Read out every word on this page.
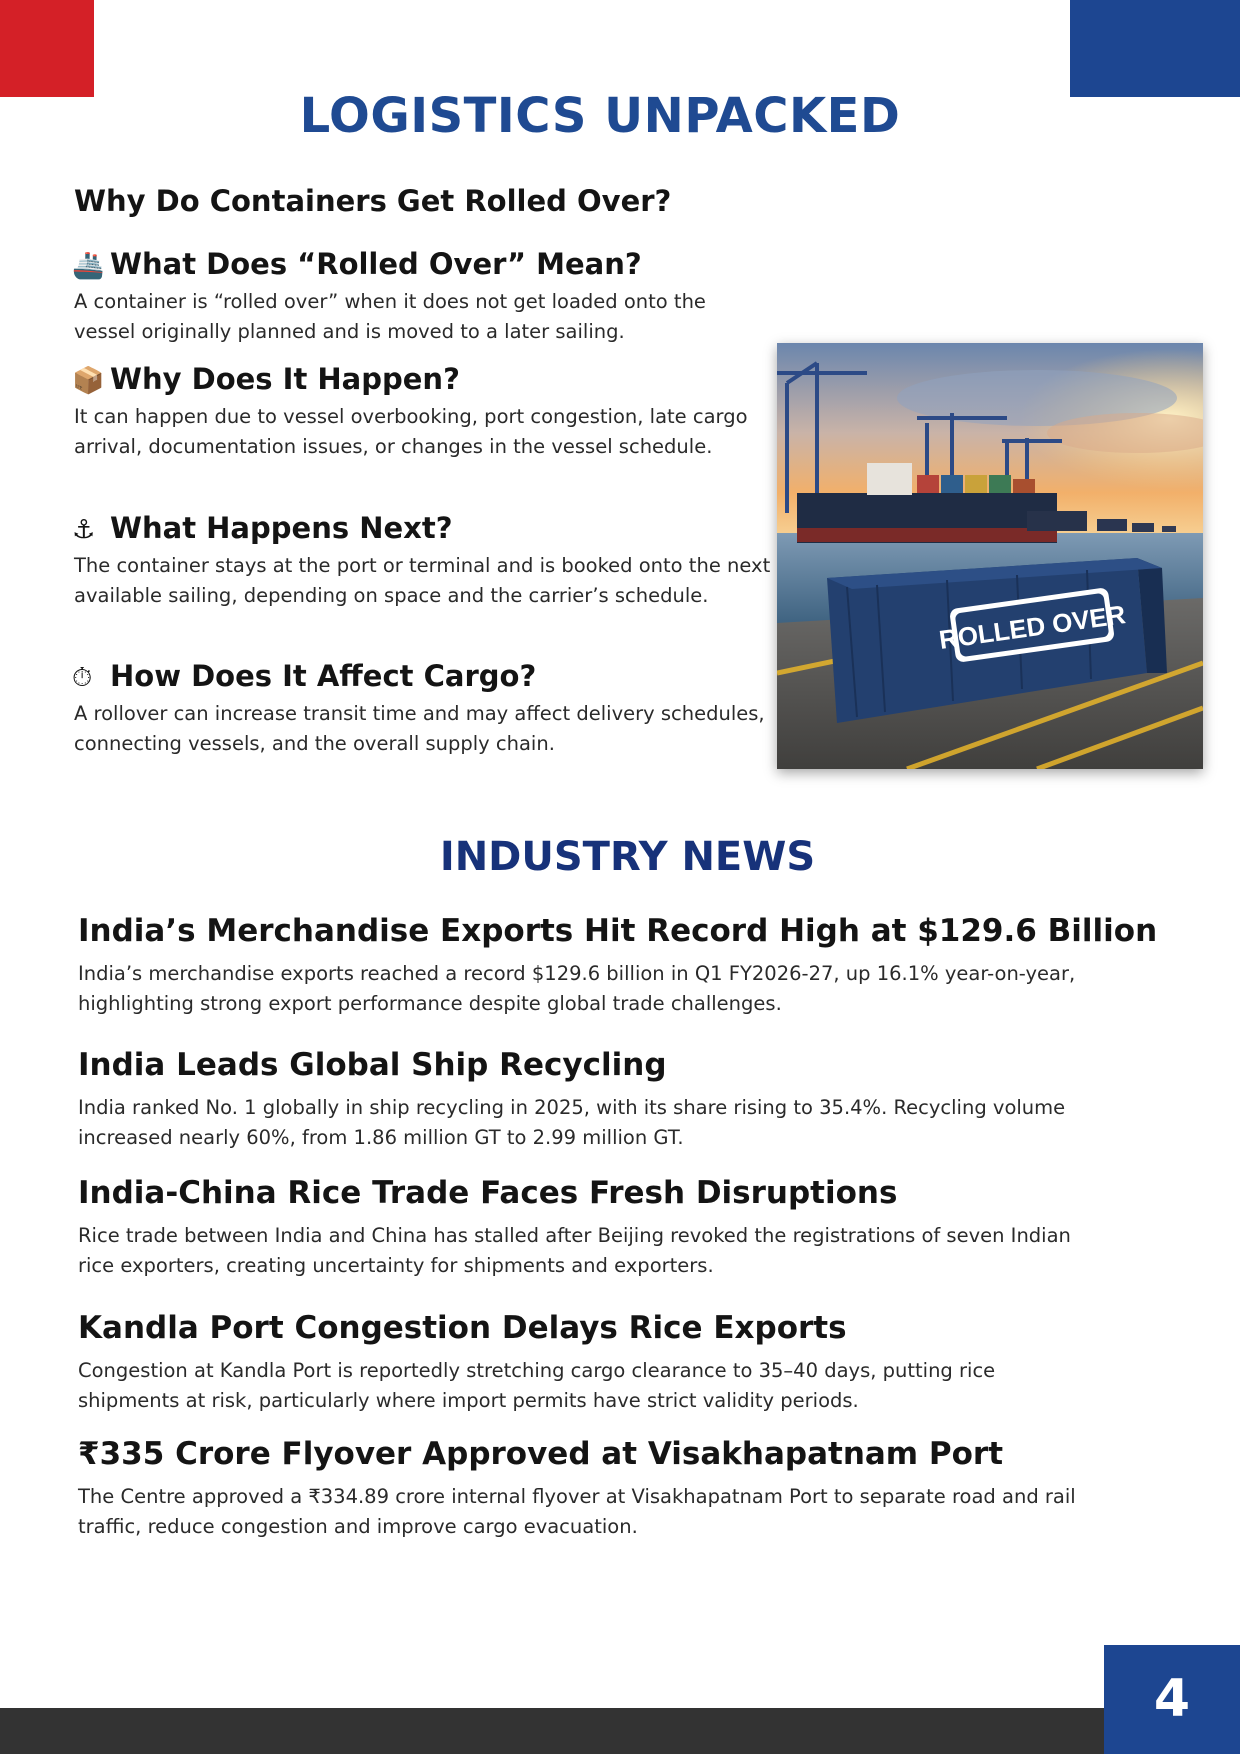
LOGISTICS UNPACKED
Why Do Containers Get Rolled Over?
🚢 What Does “Rolled Over” Mean?

A container is “rolled over” when it does not get loaded onto the vessel originally planned and is moved to a later sailing.

📦 Why Does It Happen?

It can happen due to vessel overbooking, port congestion, late cargo arrival, documentation issues, or changes in the vessel schedule.

⚓ What Happens Next?

The container stays at the port or terminal and is booked onto the next available sailing, depending on space and the carrier’s schedule.

⏱ How Does It Affect Cargo?

A rollover can increase transit time and may affect delivery schedules, connecting vessels, and the overall supply chain.

ROLLED OVER
INDUSTRY NEWS
India’s Merchandise Exports Hit Record High at $129.6 Billion

India’s merchandise exports reached a record $129.6 billion in Q1 FY2026-27, up 16.1% year-on-year, highlighting strong export performance despite global trade challenges.

India Leads Global Ship Recycling

India ranked No. 1 globally in ship recycling in 2025, with its share rising to 35.4%. Recycling volume increased nearly 60%, from 1.86 million GT to 2.99 million GT.

India-China Rice Trade Faces Fresh Disruptions

Rice trade between India and China has stalled after Beijing revoked the registrations of seven Indian rice exporters, creating uncertainty for shipments and exporters.

Kandla Port Congestion Delays Rice Exports

Congestion at Kandla Port is reportedly stretching cargo clearance to 35–40 days, putting rice shipments at risk, particularly where import permits have strict validity periods.

₹335 Crore Flyover Approved at Visakhapatnam Port

The Centre approved a ₹334.89 crore internal flyover at Visakhapatnam Port to separate road and rail traffic, reduce congestion and improve cargo evacuation.

4
